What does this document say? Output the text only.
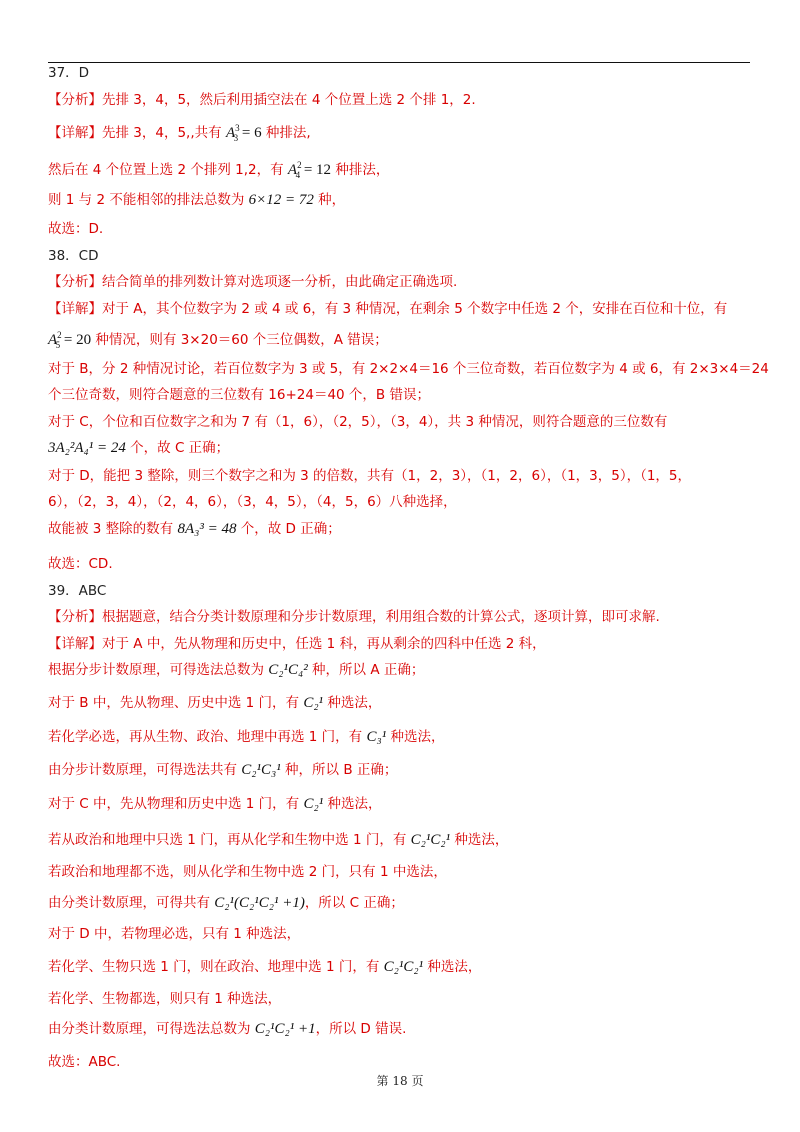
37．D
【分析】先排 3，4，5，然后利用插空法在 4 个位置上选 2 个排 1，2.
【详解】先排 3，4，5,,共有 $A^3_3 = 6$ 种排法,
然后在 4 个位置上选 2 个排列 1,2，有 $A^2_4 = 12$ 种排法，
则 1 与 2 不能相邻的排法总数为 6×12 = 72 种，
故选：D.
38．CD
【分析】结合简单的排列数计算对选项逐一分析，由此确定正确选项.
【详解】对于 A，其个位数字为 2 或 4 或 6，有 3 种情况，在剩余 5 个数字中任选 2 个，安排在百位和十位，有
$A^2_5 = 20$ 种情况，则有 3×20＝60 个三位偶数，A 错误；
对于 B，分 2 种情况讨论，若百位数字为 3 或 5，有 2×2×4＝16 个三位奇数，若百位数字为 4 或 6，有 2×3×4＝24
个三位奇数，则符合题意的三位数有 16+24＝40 个，B 错误；
对于 C，个位和百位数字之和为 7 有（1，6），（2，5），（3，4），共 3 种情况，则符合题意的三位数有
3A₂²A₄¹ = 24 个，故 C 正确；
对于 D，能把 3 整除，则三个数字之和为 3 的倍数，共有（1，2，3），（1，2，6），（1，3，5），（1，5，
6），（2，3，4），（2，4，6），（3，4，5），（4，5，6）八种选择，
故能被 3 整除的数有 8A₃³ = 48 个，故 D 正确；
故选：CD.
39．ABC
【分析】根据题意，结合分类计数原理和分步计数原理，利用组合数的计算公式，逐项计算，即可求解.
【详解】对于 A 中，先从物理和历史中，任选 1 科，再从剩余的四科中任选 2 科，
根据分步计数原理，可得选法总数为 C₂¹C₄² 种，所以 A 正确；
对于 B 中，先从物理、历史中选 1 门，有 C₂¹ 种选法，
若化学必选，再从生物、政治、地理中再选 1 门，有 C₃¹ 种选法，
由分步计数原理，可得选法共有 C₂¹C₃¹ 种，所以 B 正确；
对于 C 中，先从物理和历史中选 1 门，有 C₂¹ 种选法，
若从政治和地理中只选 1 门，再从化学和生物中选 1 门，有 C₂¹C₂¹ 种选法，
若政治和地理都不选，则从化学和生物中选 2 门，只有 1 中选法，
由分类计数原理，可得共有 C₂¹(C₂¹C₂¹ +1)，所以 C 正确；
对于 D 中，若物理必选，只有 1 种选法，
若化学、生物只选 1 门，则在政治、地理中选 1 门，有 C₂¹C₂¹ 种选法，
若化学、生物都选，则只有 1 种选法，
由分类计数原理，可得选法总数为 C₂¹C₂¹ +1，所以 D 错误.
故选：ABC.
第 18 页
